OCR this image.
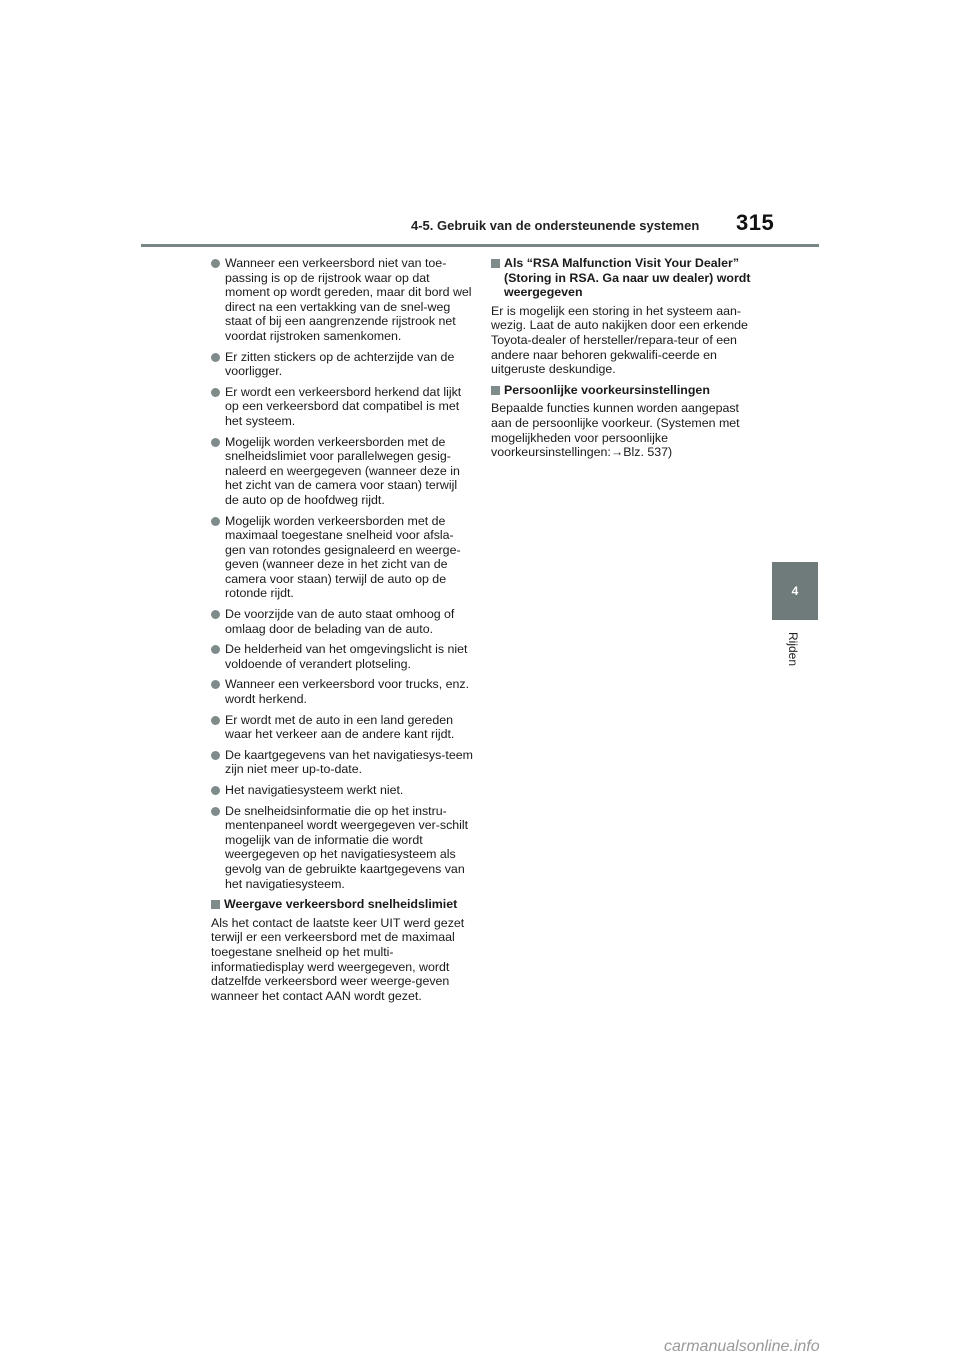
4-5. Gebruik van de ondersteunende systemen 315
4
Rijden
Wanneer een verkeersbord niet van toe-passing is op de rijstrook waar op dat moment op wordt gereden, maar dit bord wel direct na een vertakking van de snel-weg staat of bij een aangrenzende rijstrook net voordat rijstroken samenkomen.
Er zitten stickers op de achterzijde van de voorligger.
Er wordt een verkeersbord herkend dat lijkt op een verkeersbord dat compatibel is met het systeem.
Mogelijk worden verkeersborden met de snelheidslimiet voor parallelwegen gesig-naleerd en weergegeven (wanneer deze in het zicht van de camera voor staan) terwijl de auto op de hoofdweg rijdt.
Mogelijk worden verkeersborden met de maximaal toegestane snelheid voor afsla-gen van rotondes gesignaleerd en weerge-geven (wanneer deze in het zicht van de camera voor staan) terwijl de auto op de rotonde rijdt.
De voorzijde van de auto staat omhoog of omlaag door de belading van de auto.
De helderheid van het omgevingslicht is niet voldoende of verandert plotseling.
Wanneer een verkeersbord voor trucks, enz. wordt herkend.
Er wordt met de auto in een land gereden waar het verkeer aan de andere kant rijdt.
De kaartgegevens van het navigatiesys-teem zijn niet meer up-to-date.
Het navigatiesysteem werkt niet.
De snelheidsinformatie die op het instru-mentenpaneel wordt weergegeven ver-schilt mogelijk van de informatie die wordt weergegeven op het navigatiesysteem als gevolg van de gebruikte kaartgegevens van het navigatiesysteem.
Weergave verkeersbord snelheidslimiet
Als het contact de laatste keer UIT werd gezet terwijl er een verkeersbord met de maximaal toegestane snelheid op het multi-informatiedisplay werd weergegeven, wordt datzelfde verkeersbord weer weerge-geven wanneer het contact AAN wordt gezet.
Als “RSA Malfunction Visit Your Dealer” (Storing in RSA. Ga naar uw dealer) wordt weergegeven
Er is mogelijk een storing in het systeem aan-wezig. Laat de auto nakijken door een erkende Toyota-dealer of hersteller/repara-teur of een andere naar behoren gekwalifi-ceerde en uitgeruste deskundige.
Persoonlijke voorkeursinstellingen
Bepaalde functies kunnen worden aangepast aan de persoonlijke voorkeur. (Systemen met mogelijkheden voor persoonlijke voorkeursinstellingen:→Blz. 537)
carmanualsonline.info
